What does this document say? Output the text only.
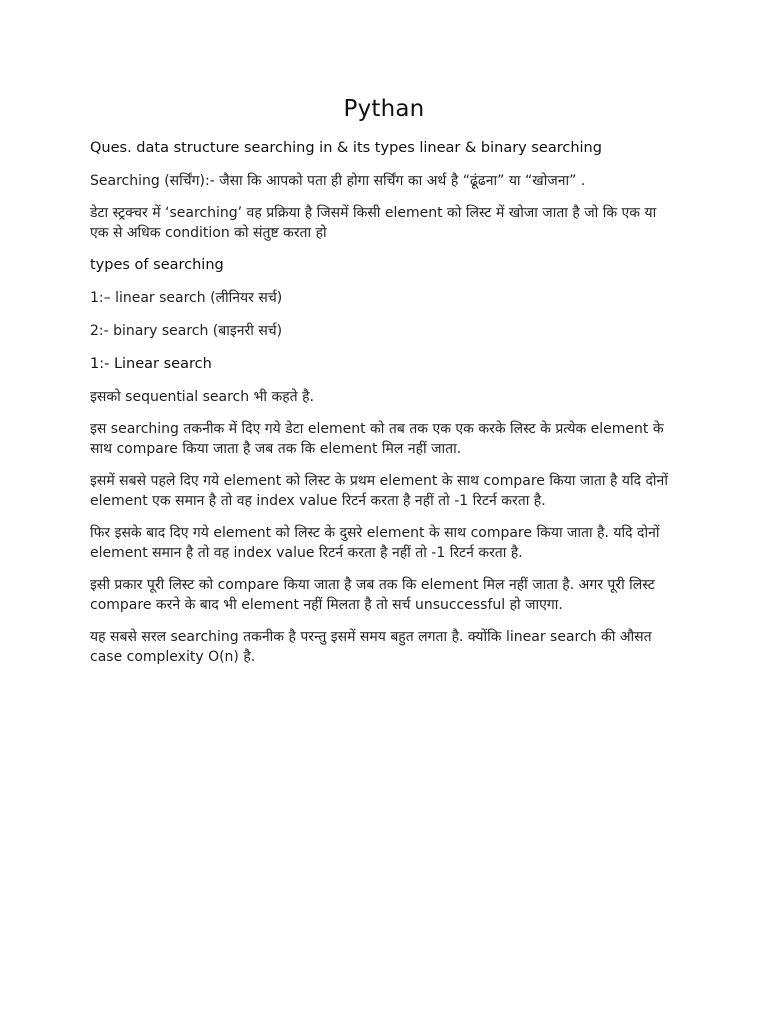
Pythan

Ques. data structure searching in & its types linear & binary searching

Searching (सर्चिंग):- जैसा कि आपको पता ही होगा सर्चिंग का अर्थ है “ढूंढना” या “खोजना” .

डेटा स्ट्रक्चर में ‘searching’ वह प्रक्रिया है जिसमें किसी element को लिस्ट में खोजा जाता है जो कि एक या एक से अधिक condition को संतुष्ट करता हो

types of searching

1:– linear search (लीनियर सर्च)

2:- binary search (बाइनरी सर्च)

1:- Linear search

इसको sequential search भी कहते है.

इस searching तकनीक में दिए गये डेटा element को तब तक एक एक करके लिस्ट के प्रत्येक element के साथ compare किया जाता है जब तक कि element मिल नहीं जाता.

इसमें सबसे पहले दिए गये element को लिस्ट के प्रथम element के साथ compare किया जाता है यदि दोनों element एक समान है तो वह index value रिटर्न करता है नहीं तो -1 रिटर्न करता है.

फिर इसके बाद दिए गये element को लिस्ट के दुसरे element के साथ compare किया जाता है. यदि दोनों element समान है तो वह index value रिटर्न करता है नहीं तो -1 रिटर्न करता है.

इसी प्रकार पूरी लिस्ट को compare किया जाता है जब तक कि element मिल नहीं जाता है. अगर पूरी लिस्ट compare करने के बाद भी element नहीं मिलता है तो सर्च unsuccessful हो जाएगा.

यह सबसे सरल searching तकनीक है परन्तु इसमें समय बहुत लगता है. क्योंकि linear search की औसत case complexity O(n) है.
